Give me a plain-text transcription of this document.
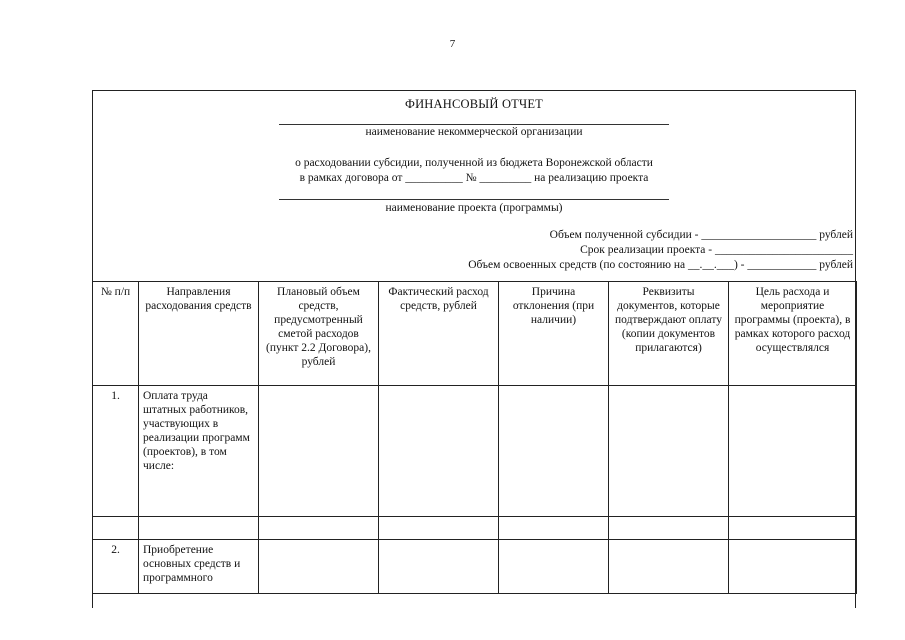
7
ФИНАНСОВЫЙ ОТЧЕТ
наименование некоммерческой организации
о расходовании субсидии, полученной из бюджета Воронежской области
в рамках договора от __________ № _________ на реализацию проекта
наименование проекта (программы)
Объем полученной субсидии - ____________________ рублей
Срок реализации проекта - ________________________
Объем освоенных средств (по состоянию на __.__.___) - ____________ рублей
№ п/п	Направления расходования средств	Плановый объем средств, предусмотренный сметой расходов (пункт 2.2 Договора), рублей	Фактический расход средств, рублей	Причина отклонения (при наличии)	Реквизиты документов, которые подтверждают оплату (копии документов прилагаются)	Цель расхода и мероприятие программы (проекта), в рамках которого расход осуществлялся
1.	Оплата труда штатных работников, участвующих в реализации программ (проектов), в том числе:					

2.	Приобретение основных средств и программного					
